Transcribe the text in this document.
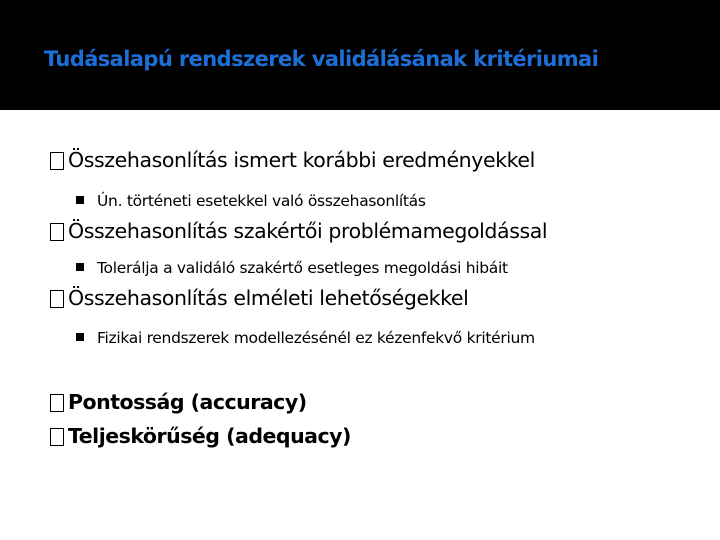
Tudásalapú rendszerek validálásának kritériumai
Összehasonlítás ismert korábbi eredményekkel
Ún. történeti esetekkel való összehasonlítás
Összehasonlítás szakértői problémamegoldással
Tolerálja a validáló szakértő esetleges megoldási hibáit
Összehasonlítás elméleti lehetőségekkel
Fizikai rendszerek modellezésénél ez kézenfekvő kritérium
Pontosság (accuracy)
Teljeskörűség (adequacy)
